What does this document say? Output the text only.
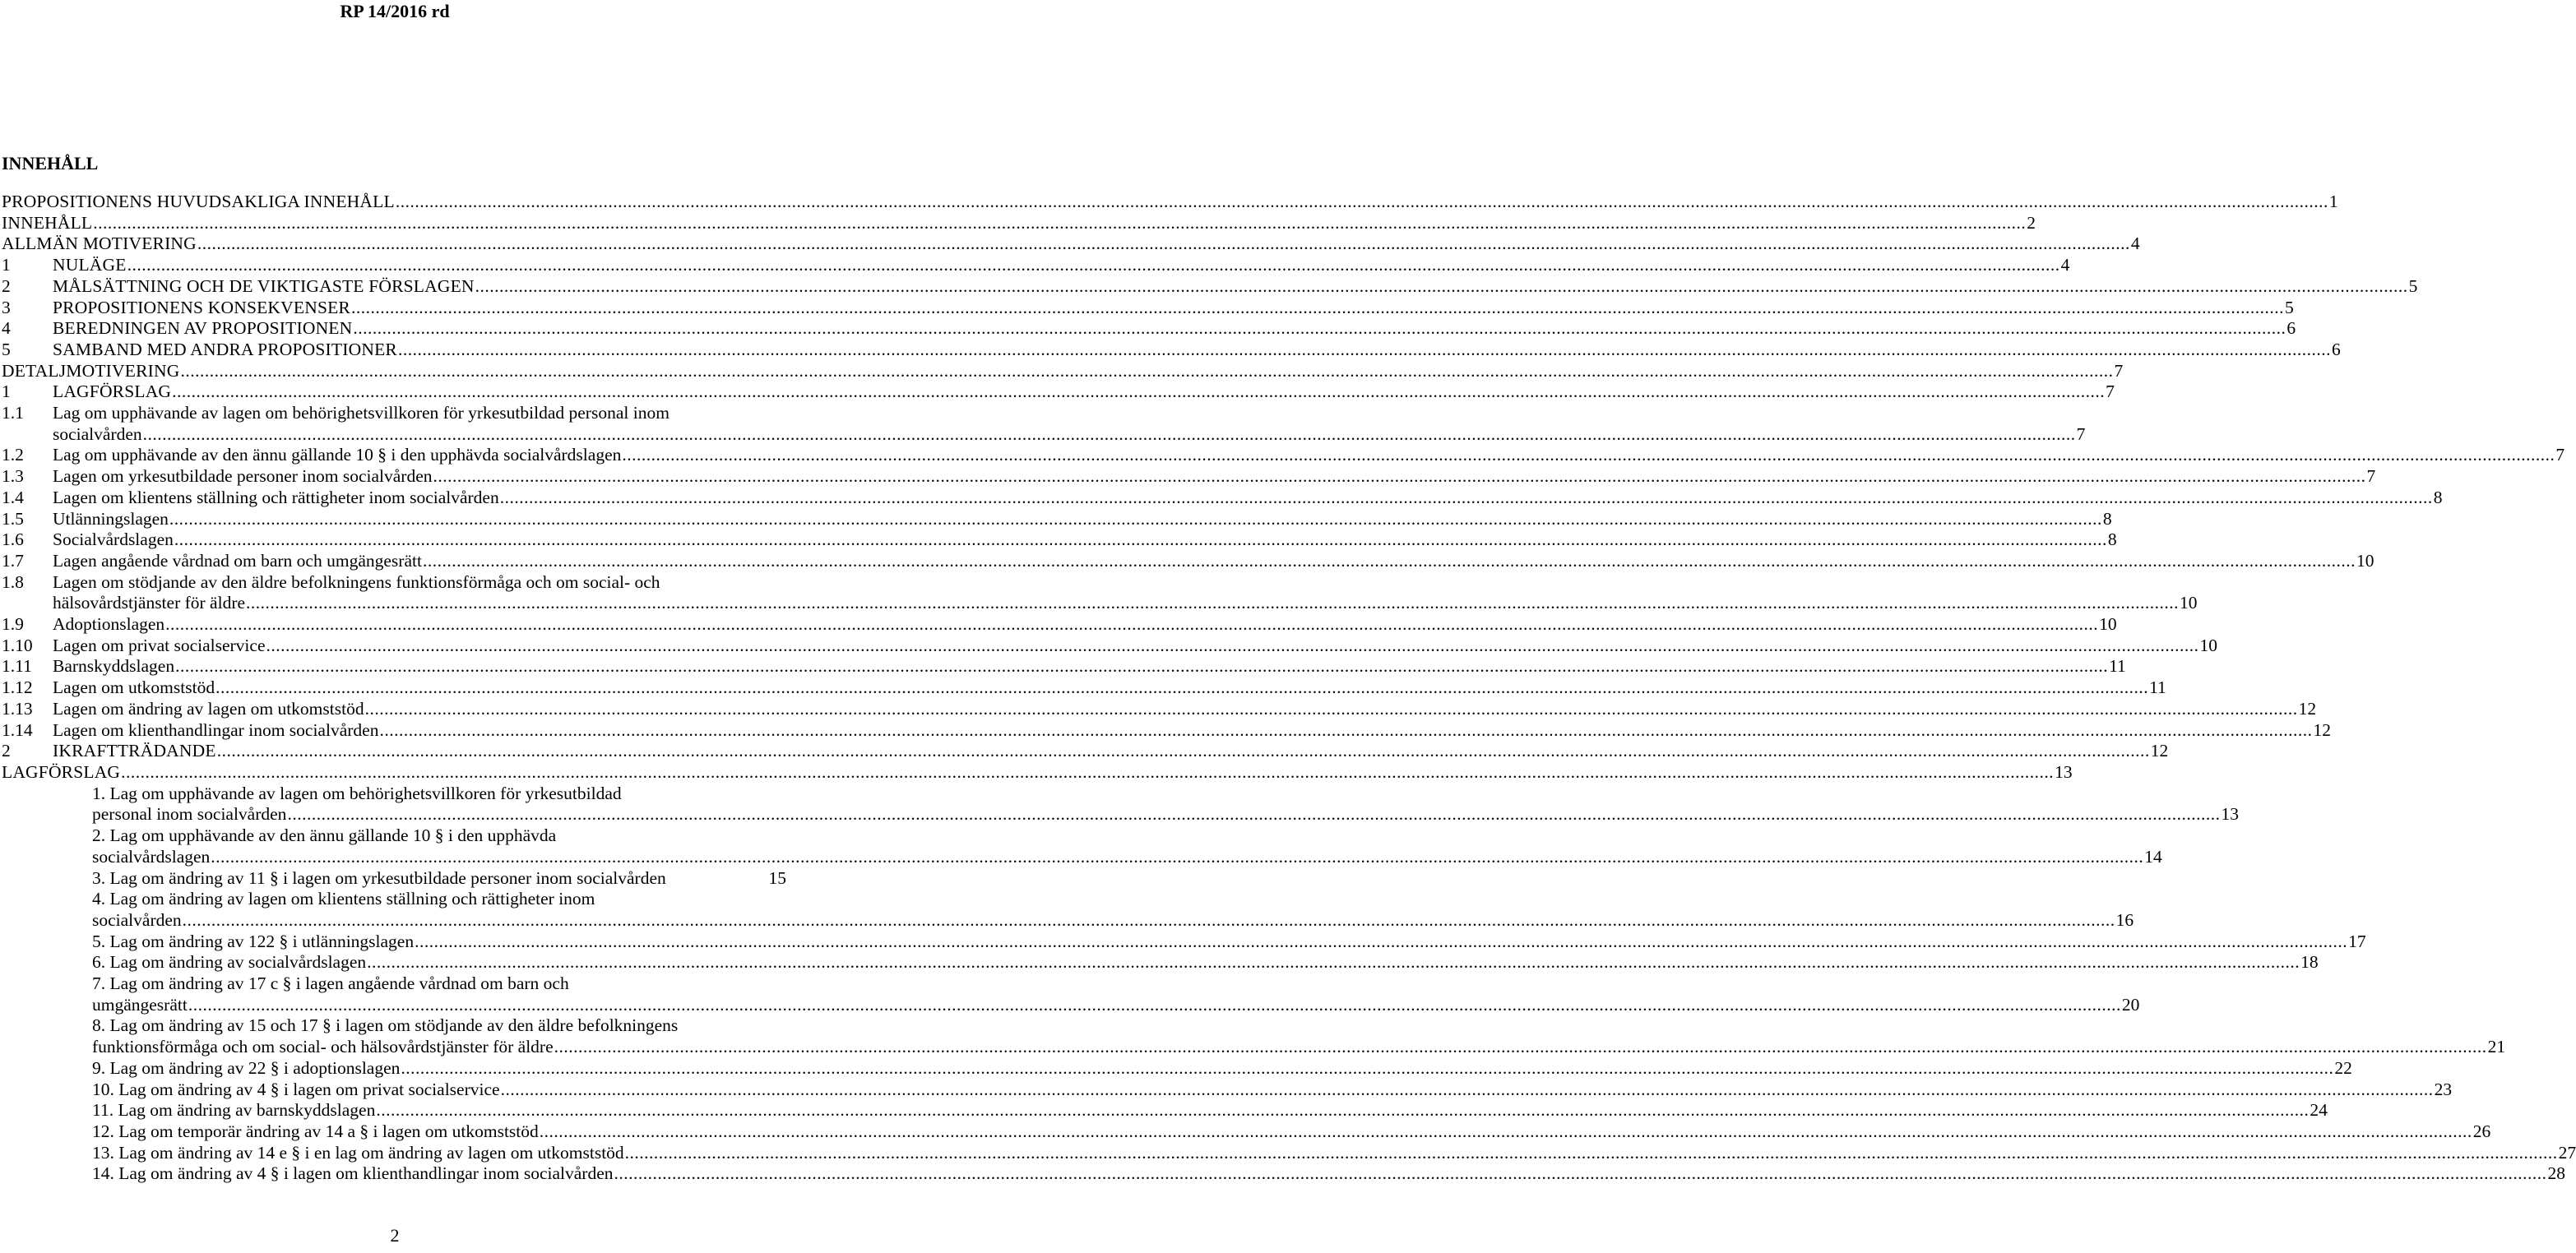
RP 14/2016 rd
INNEHÅLL
PROPOSITIONENS HUVUDSAKLIGA INNEHÅLL ................................................................................................................................................................................................................................................................................................................................................................................................................ 1
INNEHÅLL ................................................................................................................................................................................................................................................................................................................................................................................................................ 2
ALLMÄN MOTIVERING ................................................................................................................................................................................................................................................................................................................................................................................................................ 4
1 NULÄGE ................................................................................................................................................................................................................................................................................................................................................................................................................ 4
2 MÅLSÄTTNING OCH DE VIKTIGASTE FÖRSLAGEN ................................................................................................................................................................................................................................................................................................................................................................................................................ 5
3 PROPOSITIONENS KONSEKVENSER ................................................................................................................................................................................................................................................................................................................................................................................................................ 5
4 BEREDNINGEN AV PROPOSITIONEN ................................................................................................................................................................................................................................................................................................................................................................................................................ 6
5 SAMBAND MED ANDRA PROPOSITIONER ................................................................................................................................................................................................................................................................................................................................................................................................................ 6
DETALJMOTIVERING ................................................................................................................................................................................................................................................................................................................................................................................................................ 7
1 LAGFÖRSLAG ................................................................................................................................................................................................................................................................................................................................................................................................................ 7
1.1 Lag om upphävande av lagen om behörighetsvillkoren för yrkesutbildad personal inom
socialvården ................................................................................................................................................................................................................................................................................................................................................................................................................ 7
1.2 Lag om upphävande av den ännu gällande 10 § i den upphävda socialvårdslagen ................................................................................................................................................................................................................................................................................................................................................................................................................ 7
1.3 Lagen om yrkesutbildade personer inom socialvården ................................................................................................................................................................................................................................................................................................................................................................................................................ 7
1.4 Lagen om klientens ställning och rättigheter inom socialvården ................................................................................................................................................................................................................................................................................................................................................................................................................ 8
1.5 Utlänningslagen ................................................................................................................................................................................................................................................................................................................................................................................................................ 8
1.6 Socialvårdslagen ................................................................................................................................................................................................................................................................................................................................................................................................................ 8
1.7 Lagen angående vårdnad om barn och umgängesrätt ................................................................................................................................................................................................................................................................................................................................................................................................................ 10
1.8 Lagen om stödjande av den äldre befolkningens funktionsförmåga och om social- och
hälsovårdstjänster för äldre ................................................................................................................................................................................................................................................................................................................................................................................................................ 10
1.9 Adoptionslagen ................................................................................................................................................................................................................................................................................................................................................................................................................ 10
1.10 Lagen om privat socialservice ................................................................................................................................................................................................................................................................................................................................................................................................................ 10
1.11 Barnskyddslagen ................................................................................................................................................................................................................................................................................................................................................................................................................ 11
1.12 Lagen om utkomststöd ................................................................................................................................................................................................................................................................................................................................................................................................................ 11
1.13 Lagen om ändring av lagen om utkomststöd ................................................................................................................................................................................................................................................................................................................................................................................................................ 12
1.14 Lagen om klienthandlingar inom socialvården ................................................................................................................................................................................................................................................................................................................................................................................................................ 12
2 IKRAFTTRÄDANDE ................................................................................................................................................................................................................................................................................................................................................................................................................ 12
LAGFÖRSLAG ................................................................................................................................................................................................................................................................................................................................................................................................................ 13
1. Lag om upphävande av lagen om behörighetsvillkoren för yrkesutbildad
personal inom socialvården ................................................................................................................................................................................................................................................................................................................................................................................................................ 13
2. Lag om upphävande av den ännu gällande 10 § i den upphävda
socialvårdslagen ................................................................................................................................................................................................................................................................................................................................................................................................................ 14
3. Lag om ändring av 11 § i lagen om yrkesutbildade personer inom socialvården	15
4. Lag om ändring av lagen om klientens ställning och rättigheter inom
socialvården ................................................................................................................................................................................................................................................................................................................................................................................................................ 16
5. Lag om ändring av 122 § i utlänningslagen ................................................................................................................................................................................................................................................................................................................................................................................................................ 17
6. Lag om ändring av socialvårdslagen ................................................................................................................................................................................................................................................................................................................................................................................................................ 18
7. Lag om ändring av 17 c § i lagen angående vårdnad om barn och
umgängesrätt ................................................................................................................................................................................................................................................................................................................................................................................................................ 20
8. Lag om ändring av 15 och 17 § i lagen om stödjande av den äldre befolkningens
funktionsförmåga och om social- och hälsovårdstjänster för äldre ................................................................................................................................................................................................................................................................................................................................................................................................................ 21
9. Lag om ändring av 22 § i adoptionslagen ................................................................................................................................................................................................................................................................................................................................................................................................................ 22
10. Lag om ändring av 4 § i lagen om privat socialservice ................................................................................................................................................................................................................................................................................................................................................................................................................ 23
11. Lag om ändring av barnskyddslagen ................................................................................................................................................................................................................................................................................................................................................................................................................ 24
12. Lag om temporär ändring av 14 a § i lagen om utkomststöd ................................................................................................................................................................................................................................................................................................................................................................................................................ 26
13. Lag om ändring av 14 e § i en lag om ändring av lagen om utkomststöd ................................................................................................................................................................................................................................................................................................................................................................................................................ 27
14. Lag om ändring av 4 § i lagen om klienthandlingar inom socialvården ................................................................................................................................................................................................................................................................................................................................................................................................................ 28
2
